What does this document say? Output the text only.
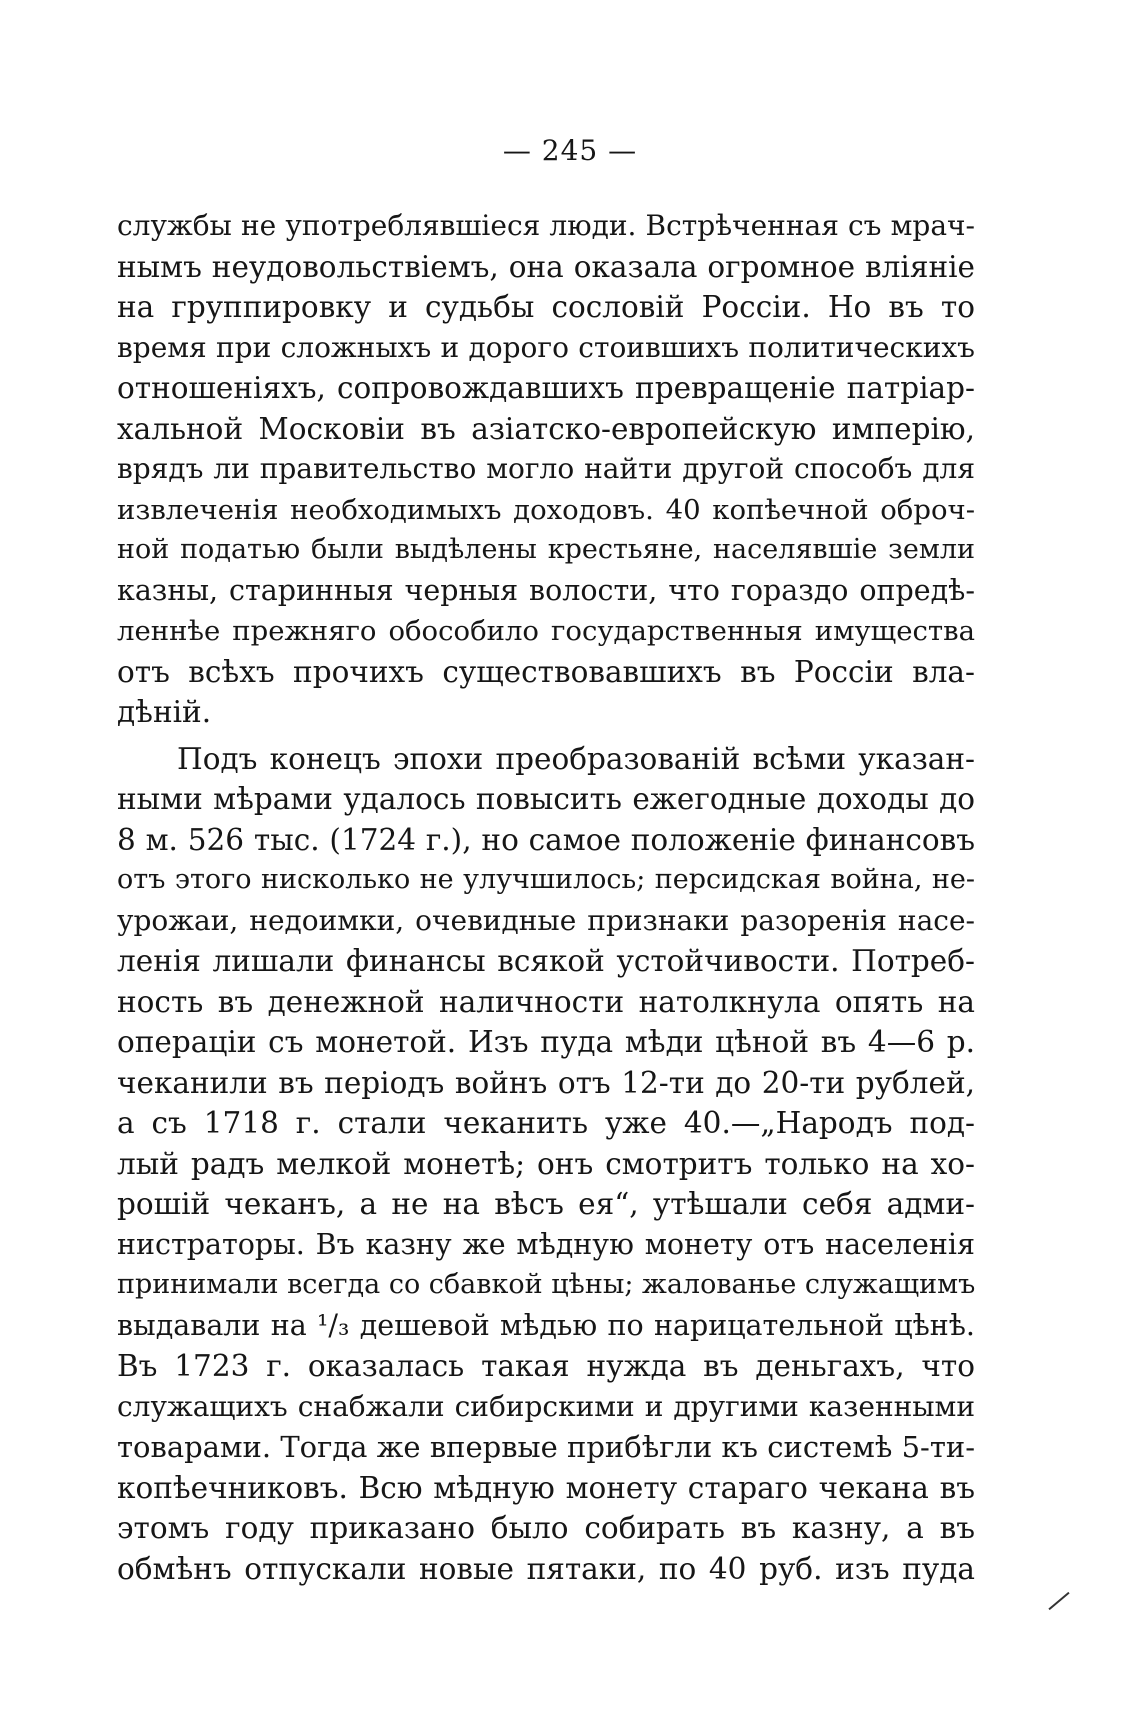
— 245 —
службы не употреблявшіеся люди. Встрѣченная съ мрач-
нымъ неудовольствіемъ, она оказала огромное вліяніе
на группировку и судьбы сословій Россіи. Но въ то
время при сложныхъ и дорого стоившихъ политическихъ
отношеніяхъ, сопровождавшихъ превращеніе патріар-
хальной Московіи въ азіатско-европейскую имперію,
врядъ ли правительство могло найти другой способъ для
извлеченія необходимыхъ доходовъ. 40 копѣечной оброч-
ной податью были выдѣлены крестьяне, населявшіе земли
казны, старинныя черныя волости, что гораздо опредѣ-
леннѣе прежняго обособило государственныя имущества
отъ всѣхъ прочихъ существовавшихъ въ Россіи вла-
дѣній.
Подъ конецъ эпохи преобразованій всѣми указан-
ными мѣрами удалось повысить ежегодные доходы до
8 м. 526 тыс. (1724 г.), но самое положеніе финансовъ
отъ этого нисколько не улучшилось; персидская война, не-
урожаи, недоимки, очевидные признаки разоренія насе-
ленія лишали финансы всякой устойчивости. Потреб-
ность въ денежной наличности натолкнула опять на
операціи съ монетой. Изъ пуда мѣди цѣной въ 4—6 р.
чеканили въ періодъ войнъ отъ 12-ти до 20-ти рублей,
а съ 1718 г. стали чеканить уже 40.—„Народъ под-
лый радъ мелкой монетѣ; онъ смотритъ только на хо-
рошій чеканъ, а не на вѣсъ ея“, утѣшали себя адми-
нистраторы. Въ казну же мѣдную монету отъ населенія
принимали всегда со сбавкой цѣны; жалованье служащимъ
выдавали на ¹/₃ дешевой мѣдью по нарицательной цѣнѣ.
Въ 1723 г. оказалась такая нужда въ деньгахъ, что
служащихъ снабжали сибирскими и другими казенными
товарами. Тогда же впервые прибѣгли къ системѣ 5-ти-
копѣечниковъ. Всю мѣдную монету стараго чекана въ
этомъ году приказано было собирать въ казну, а въ
обмѣнъ отпускали новые пятаки, по 40 руб. изъ пуда
